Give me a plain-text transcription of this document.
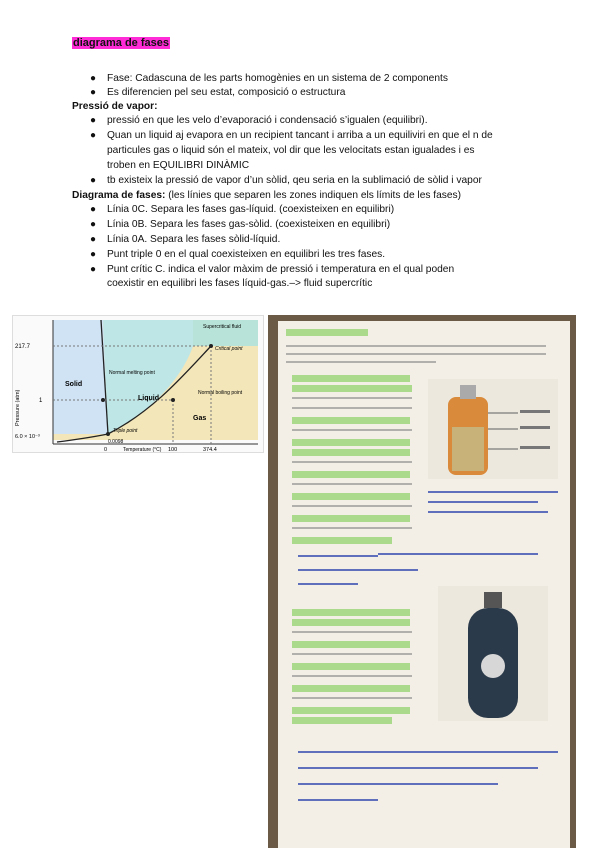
diagrama de fases
● Fase: Cadascuna de les parts homogènies en un sistema de 2 components
● Es diferencien pel seu estat, composició o estructura
Pressió de vapor:
● pressió en que les velo d’evaporació i condensació s’igualen (equilibri).
● Quan un liquid aj evapora en un recipient tancant i arriba a un equiliviri en que el n de
particules gas o liquid són el mateix, vol dir que les velocitats estan igualades i es
troben en EQUILIBRI DINÀMIC
● tb existeix la pressió de vapor d’un sòlid, qeu seria en la sublimació de sòlid i vapor
Diagrama de fases: (les línies que separen les zones indiquen els límits de les fases)
● Línia 0C. Separa les fases gas-líquid. (coexisteixen en equilibri)
● Línia 0B. Separa les fases gas-sòlid. (coexisteixen en equilibri)
● Línia 0A. Separa les fases sòlid-líquid.
● Punt triple 0 en el qual coexisteixen en equilibri les tres fases.
● Punt crític C. indica el valor màxim de pressió i temperatura en el qual poden
coexistir en equilibri les fases líquid-gas.–> fluid supercrític
217.7
1
6.0 × 10⁻³
0
0.0098
100	374.4
Solid
Liquid
Gas
Supercritical fluid
Critical point
Normal melting point
Normal boiling point
Triple point
Pressure (atm)
Temperature (°C)
